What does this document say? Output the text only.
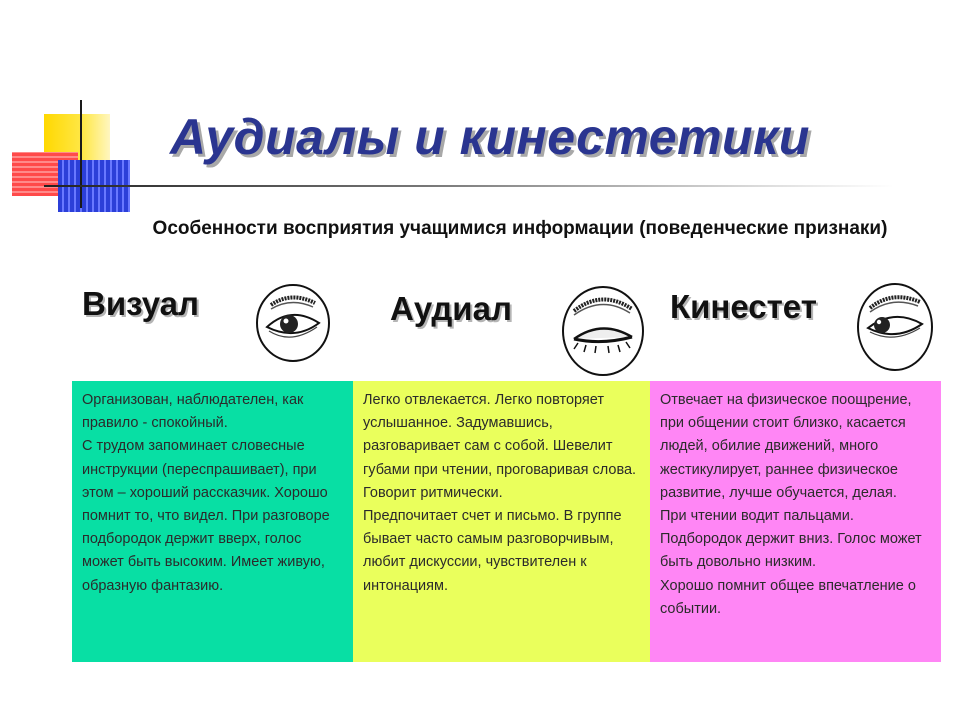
Аудиалы и кинестетики

Особенности восприятия учащимися информации (поведенческие признаки)

Визуал	Аудиал	Кинестет

Организован, наблюдателен, как правило - спокойный.

С трудом запоминает словесные инструкции (переспрашивает), при этом – хороший рассказчик. Хорошо помнит то, что видел. При разговоре подбородок держит вверх, голос может быть высоким. Имеет живую, образную фантазию.

Легко отвлекается. Легко повторяет услышанное. Задумавшись, разговаривает сам с собой. Шевелит губами при чтении, проговаривая слова. Говорит ритмически.

Предпочитает счет и письмо. В группе бывает часто самым разговорчивым, любит дискуссии, чувствителен к интонациям.

Отвечает на физическое поощрение, при общении стоит близко, касается людей, обилие движений, много жестикулирует, раннее физическое развитие, лучше обучается, делая.

При чтении водит пальцами. Подбородок держит вниз. Голос может быть довольно низким.

Хорошо помнит общее впечатление о событии.
